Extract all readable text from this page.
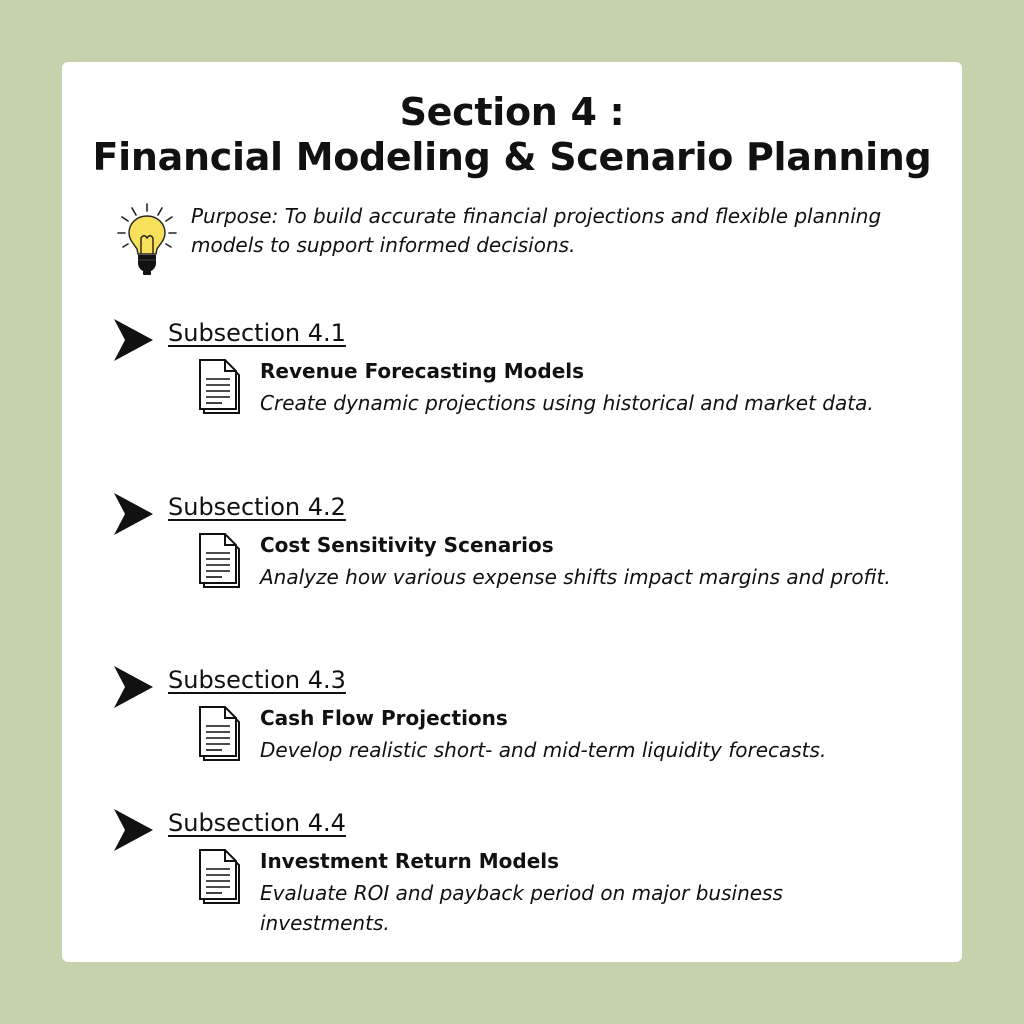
Section 4 :
Financial Modeling & Scenario Planning

Purpose: To build accurate financial projections and flexible planning models to support informed decisions.

Subsection 4.1

Revenue Forecasting Models

Create dynamic projections using historical and market data.

Subsection 4.2

Cost Sensitivity Scenarios

Analyze how various expense shifts impact margins and profit.

Subsection 4.3

Cash Flow Projections

Develop realistic short- and mid-term liquidity forecasts.

Subsection 4.4

Investment Return Models

Evaluate ROI and payback period on major business investments.
